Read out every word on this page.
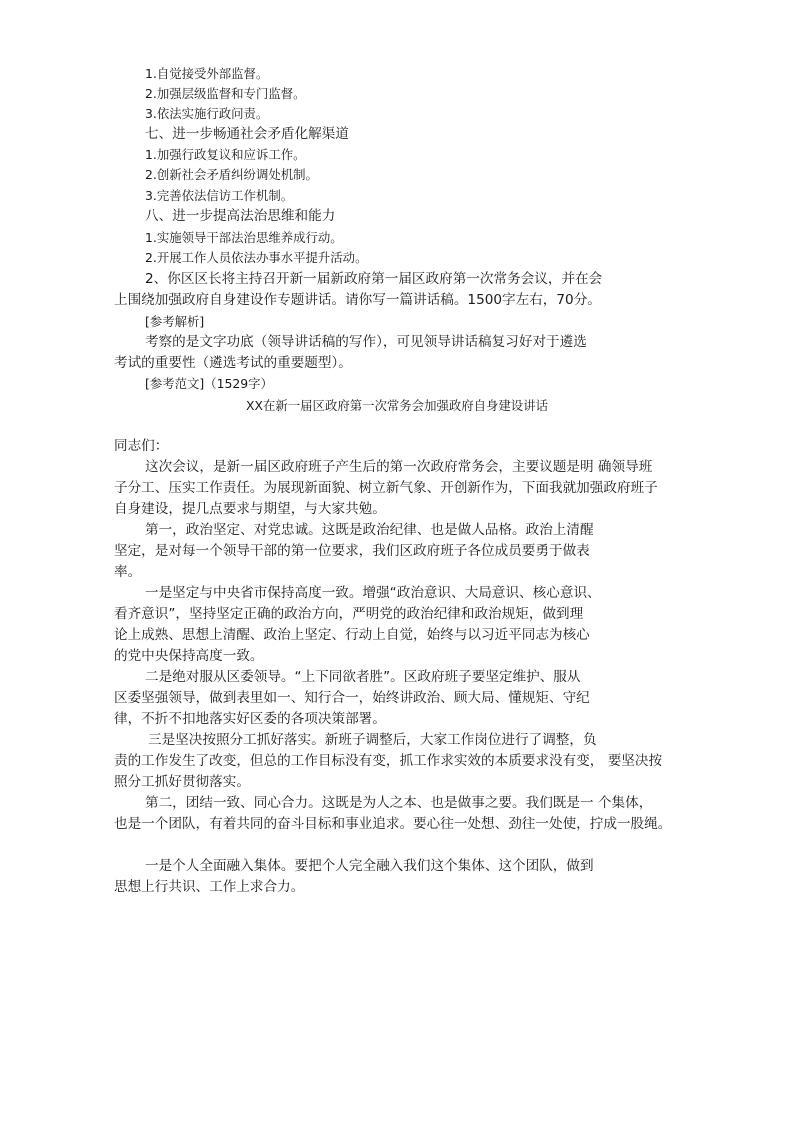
1.自觉接受外部监督。

2.加强层级监督和专门监督。

3.依法实施行政问责。

七、进一步畅通社会矛盾化解渠道

1.加强行政复议和应诉工作。

2.创新社会矛盾纠纷调处机制。

3.完善依法信访工作机制。

八、进一步提高法治思维和能力

1.实施领导干部法治思维养成行动。

2.开展工作人员依法办事水平提升活动。

2、你区区长将主持召开新一届新政府第一届区政府第一次常务会议，并在会

上围绕加强政府自身建设作专题讲话。请你写一篇讲话稿。1500字左右，70分。

[参考解析]

考察的是文字功底（领导讲话稿的写作），可见领导讲话稿复习好对于遴选

考试的重要性（遴选考试的重要题型）。

[参考范文]（1529字）

XX在新一届区政府第一次常务会加强政府自身建设讲话

同志们：

这次会议，是新一届区政府班子产生后的第一次政府常务会，主要议题是明 确领导班

子分工、压实工作责任。为展现新面貌、树立新气象、开创新作为，下面我就加强政府班子

自身建设，提几点要求与期望，与大家共勉。

第一，政治坚定、对党忠诚。这既是政治纪律、也是做人品格。政治上清醒

坚定，是对每一个领导干部的第一位要求，我们区政府班子各位成员要勇于做表

率。

一是坚定与中央省市保持高度一致。增强“政治意识、大局意识、核心意识、

看齐意识”，坚持坚定正确的政治方向，严明党的政治纪律和政治规矩，做到理

论上成熟、思想上清醒、政治上坚定、行动上自觉，始终与以习近平同志为核心

的党中央保持高度一致。

二是绝对服从区委领导。“上下同欲者胜”。区政府班子要坚定维护、服从

区委坚强领导，做到表里如一、知行合一，始终讲政治、顾大局、懂规矩、守纪

律，不折不扣地落实好区委的各项决策部署。

三是坚决按照分工抓好落实。新班子调整后，大家工作岗位进行了调整，负

责的工作发生了改变，但总的工作目标没有变，抓工作求实效的本质要求没有变， 要坚决按

照分工抓好贯彻落实。

第二，团结一致、同心合力。这既是为人之本、也是做事之要。我们既是一 个集体，

也是一个团队，有着共同的奋斗目标和事业追求。要心往一处想、劲往一处使，拧成一股绳。

一是个人全面融入集体。要把个人完全融入我们这个集体、这个团队，做到

思想上行共识、工作上求合力。
